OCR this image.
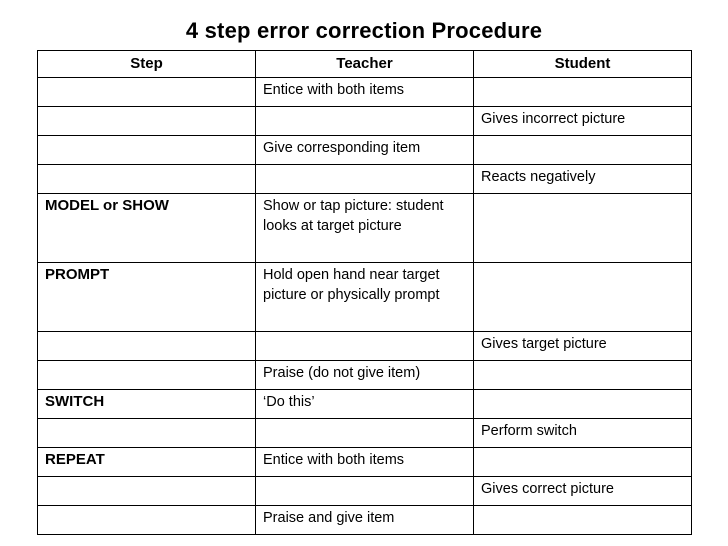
4 step error correction Procedure
Step	Teacher	Student
	Entice with both items	
		Gives incorrect picture
	Give corresponding item	
		Reacts negatively
MODEL or SHOW	Show or tap picture: student looks at target picture	
PROMPT	Hold open hand near target picture or physically prompt	
		Gives target picture
	Praise (do not give item)	
SWITCH	‘Do this’	
		Perform switch
REPEAT	Entice with both items	
		Gives correct picture
	Praise and give item	
